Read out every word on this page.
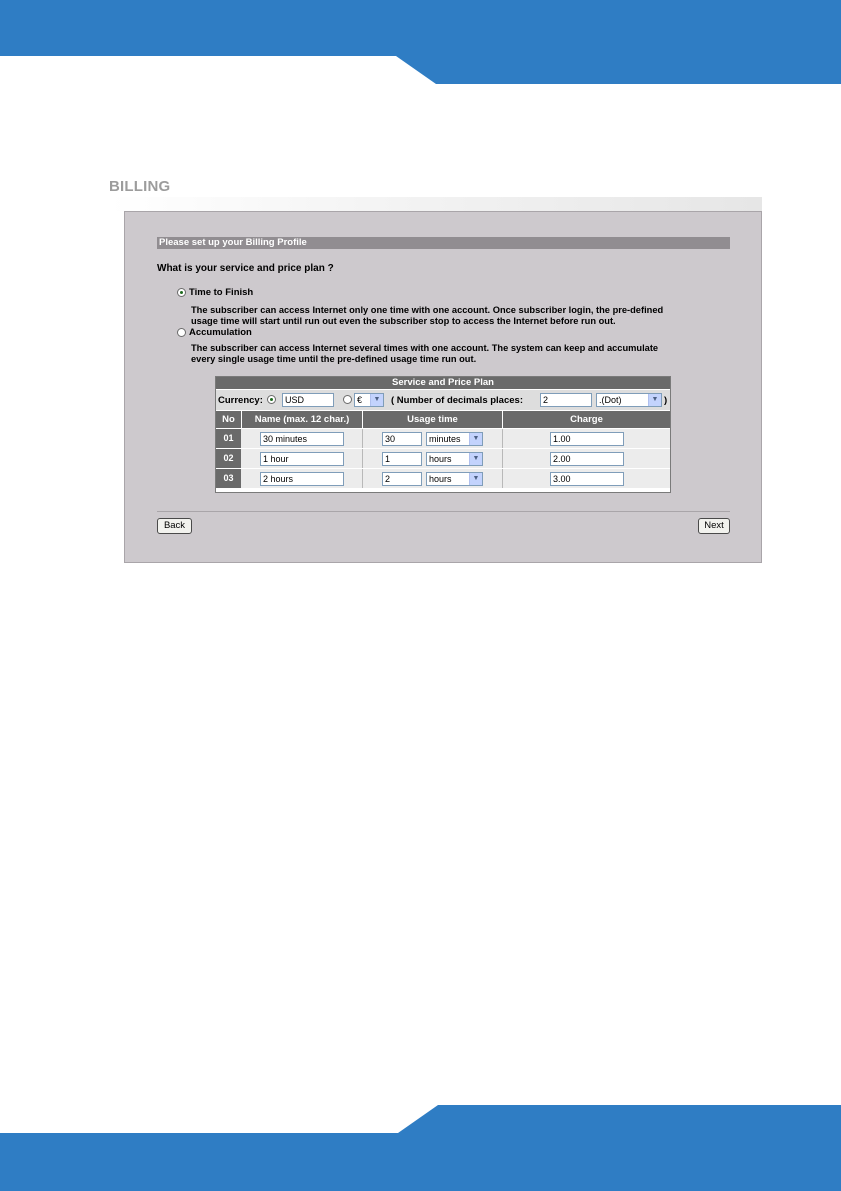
BILLING
Please set up your Billing Profile
What is your service and price plan ?
Time to Finish
The subscriber can access Internet only one time with one account. Once subscriber login, the pre-defined
usage time will start until run out even the subscriber stop to access the Internet before run out.
Accumulation
The subscriber can access Internet several times with one account. The system can keep and accumulate
every single usage time until the pre-defined usage time run out.
Service and Price Plan
Currency:	USD	€	▼ ( Number of decimals places:	2	.(Dot)	▼ )
No	Name (max. 12 char.)	Usage time	Charge
01	30 minutes	30	minutes	▼	1.00
02	1 hour	1	hours	▼	2.00
03	2 hours	2	hours	▼	3.00
Back	Next
